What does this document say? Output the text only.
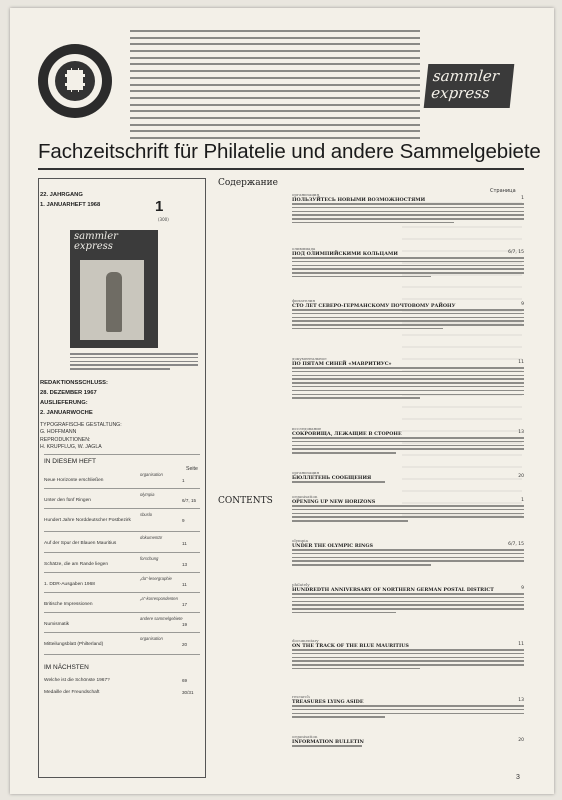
sammler express
Fachzeitschrift für Philatelie und andere Sammelgebiete
22. JAHRGANG
1. JANUARHEFT 1968	1
(300)
sammler
express
REDAKTIONSSCHLUSS:
28. DEZEMBER 1967
AUSLIEFERUNG:
2. JANUARWOCHE
TYPOGRAFISCHE GESTALTUNG:
G. HOFFMANN
REPRODUKTIONEN:
H. KRUPFLUG, W. JAGLA
IN DIESEM HEFT
Seite
organisation
Neue Horizonte erschließen	1
olympia
Unter den fünf Ringen	6/7, 15
sbuslo
Hundert Jahre Norddeutscher Postbezirk	9
dokumentär
Auf der Spur der Blauen Mauritius	11
forschung
Schätze, die am Rande liegen	13
„da“-lesergraphie
1. DDR-Ausgaben 1968	11
„a“-korrespondenten
Britische Impressionen	17
andere sammelgebiete
Numismatik	19
organisation
Mitteilungsblatt (Philterland)	20
IM NÄCHSTEN
Welche ist die Schönste 1967?	69
Medaille der Freundschaft	30/31
Содержание
Страница
организация
ПОЛЬЗУЙТЕСЬ НОВЫМИ ВОЗМОЖНОСТЯМИ	1
олимпиада
ПОД ОЛИМПИЙСКИМИ КОЛЬЦАМИ	6/7, 15
филателия
СТО ЛЕТ СЕВЕРО-ГЕРМАНСКОМУ ПОЧТОВОМУ РАЙОНУ	9
документальное
ПО ПЯТАМ СИНЕЙ «МАВРИТИУС»	11
исследование
СОКРОВИЩА, ЛЕЖАЩИЕ В СТОРОНЕ	13
организация
БЮЛЛЕТЕНЬ СООБЩЕНИЯ	20
CONTENTS	organisation
OPENING UP NEW HORIZONS	1
olympia
UNDER THE OLYMPIC RINGS	6/7, 15
philately
HUNDREDTH ANNIVERSARY OF NORTHERN GERMAN POSTAL DISTRICT	9
documentary
ON THE TRACK OF THE BLUE MAURITIUS	11
research
TREASURES LYING ASIDE	13
organisation
INFORMATION BULLETIN	20
3
